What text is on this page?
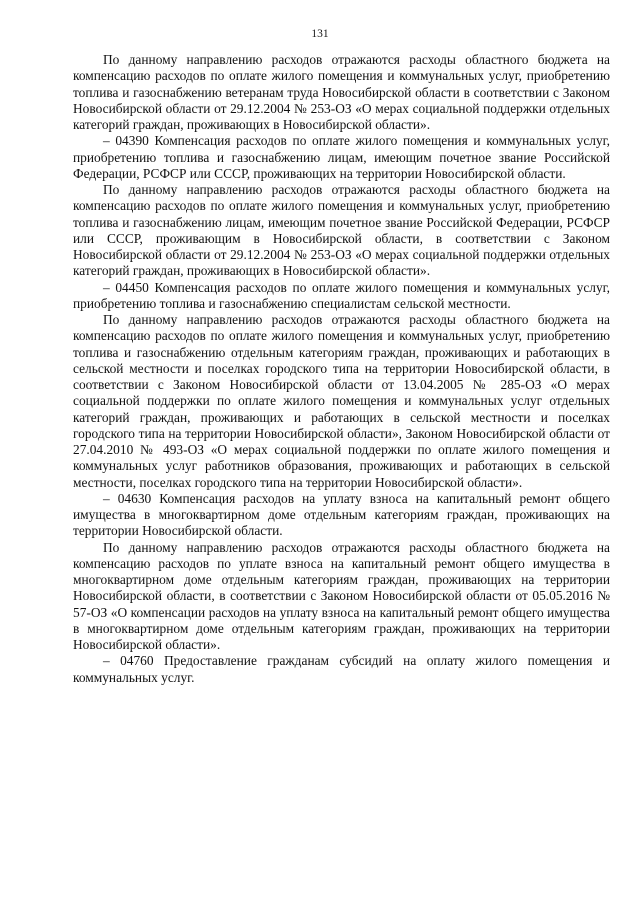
131

По данному направлению расходов отражаются расходы областного бюджета на компенсацию расходов по оплате жилого помещения и коммунальных услуг, приобретению топлива и газоснабжению ветеранам труда Новосибирской области в соответствии с Законом Новосибирской области от 29.12.2004 № 253-ОЗ «О мерах социальной поддержки отдельных категорий граждан, проживающих в Новосибирской области».

– 04390 Компенсация расходов по оплате жилого помещения и коммунальных услуг, приобретению топлива и газоснабжению лицам, имеющим почетное звание Российской Федерации, РСФСР или СССР, проживающих на территории Новосибирской области.

По данному направлению расходов отражаются расходы областного бюджета на компенсацию расходов по оплате жилого помещения и коммунальных услуг, приобретению топлива и газоснабжению лицам, имеющим почетное звание Российской Федерации, РСФСР или СССР, проживающим в Новосибирской области, в соответствии с Законом Новосибирской области от 29.12.2004 № 253-ОЗ «О мерах социальной поддержки отдельных категорий граждан, проживающих в Новосибирской области».

– 04450 Компенсация расходов по оплате жилого помещения и коммунальных услуг, приобретению топлива и газоснабжению специалистам сельской местности.

По данному направлению расходов отражаются расходы областного бюджета на компенсацию расходов по оплате жилого помещения и коммунальных услуг, приобретению топлива и газоснабжению отдельным категориям граждан, проживающих и работающих в сельской местности и поселках городского типа на территории Новосибирской области, в соответствии с Законом Новосибирской области от 13.04.2005 № 285-ОЗ «О мерах социальной поддержки по оплате жилого помещения и коммунальных услуг отдельных категорий граждан, проживающих и работающих в сельской местности и поселках городского типа на территории Новосибирской области», Законом Новосибирской области от 27.04.2010 № 493-ОЗ «О мерах социальной поддержки по оплате жилого помещения и коммунальных услуг работников образования, проживающих и работающих в сельской местности, поселках городского типа на территории Новосибирской области».

– 04630 Компенсация расходов на уплату взноса на капитальный ремонт общего имущества в многоквартирном доме отдельным категориям граждан, проживающих на территории Новосибирской области.

По данному направлению расходов отражаются расходы областного бюджета на компенсацию расходов по уплате взноса на капитальный ремонт общего имущества в многоквартирном доме отдельным категориям граждан, проживающих на территории Новосибирской области, в соответствии с Законом Новосибирской области от 05.05.2016 № 57-ОЗ «О компенсации расходов на уплату взноса на капитальный ремонт общего имущества в многоквартирном доме отдельным категориям граждан, проживающих на территории Новосибирской области».

– 04760 Предоставление гражданам субсидий на оплату жилого помещения и коммунальных услуг.
